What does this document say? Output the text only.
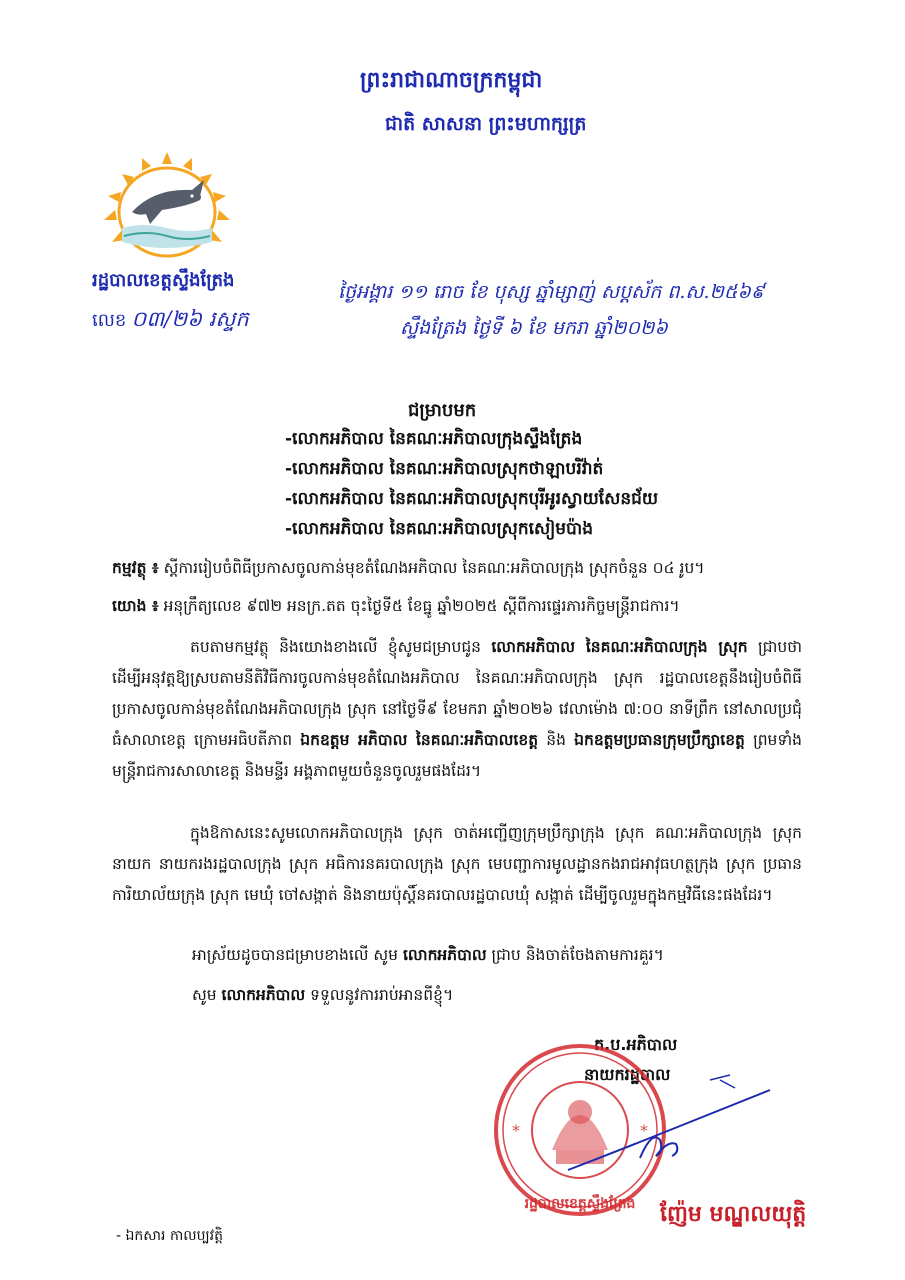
ព្រះរាជាណាចក្រកម្ពុជា
ជាតិ សាសនា ព្រះមហាក្សត្រ
រដ្ឋបាលខេត្តស្ទឹងត្រែង
លេខ ០៣/២៦ រស្ទក
ថ្ងៃអង្គារ ១១ រោច ខែ បុស្ស ឆ្នាំម្សាញ់ សប្តស័ក ព.ស.២៥៦៩
ស្ទឹងត្រែង ថ្ងៃទី ៦ ខែ មករា ឆ្នាំ២០២៦
ជម្រាបមក
-លោកអភិបាល នៃគណៈអភិបាលក្រុងស្ទឹងត្រែង
-លោកអភិបាល នៃគណៈអភិបាលស្រុកថាឡាបរិវ៉ាត់
-លោកអភិបាល នៃគណៈអភិបាលស្រុកបុរីអូរស្វាយសែនជ័យ
-លោកអភិបាល នៃគណៈអភិបាលស្រុកសៀមប៉ាង
កម្មវត្ថុ ៖ ស្តីការរៀបចំពិធីប្រកាសចូលកាន់មុខតំណែងអភិបាល នៃគណៈអភិបាលក្រុង ស្រុកចំនួន ០៤ រូប។
យោង ៖ អនុក្រឹត្យលេខ ៩៧២ អនក្រ.តត ចុះថ្ងៃទី៥ ខែធ្នូ ឆ្នាំ២០២៥ ស្តីពីការផ្ទេរភារកិច្ចមន្ត្រីរាជការ។
តបតាមកម្មវត្ថុ និងយោងខាងលើ ខ្ញុំសូមជម្រាបជូន លោកអភិបាល នៃគណៈអភិបាលក្រុង ស្រុក ជ្រាបថា ដើម្បីអនុវត្តឱ្យស្របតាមនីតិវិធីការចូលកាន់មុខតំណែងអភិបាល នៃគណៈអភិបាលក្រុង ស្រុក រដ្ឋបាលខេត្តនឹងរៀបចំពិធីប្រកាសចូលកាន់មុខតំណែងអភិបាលក្រុង ស្រុក នៅថ្ងៃទី៩ ខែមករា ឆ្នាំ២០២៦ វេលាម៉ោង ៧:០០ នាទីព្រឹក នៅសាលប្រជុំធំសាលាខេត្ត ក្រោមអធិបតីភាព ឯកឧត្តម អភិបាល នៃគណៈអភិបាលខេត្ត និង ឯកឧត្តមប្រធានក្រុមប្រឹក្សាខេត្ត ព្រមទាំងមន្ត្រីរាជការសាលាខេត្ត និងមន្ទីរ អង្គភាពមួយចំនួនចូលរួមផងដែរ។
ក្នុងឱកាសនេះសូមលោកអភិបាលក្រុង ស្រុក ចាត់អញ្ជើញក្រុមប្រឹក្សាក្រុង ស្រុក គណៈអភិបាលក្រុង ស្រុក នាយក នាយករងរដ្ឋបាលក្រុង ស្រុក អធិការនគរបាលក្រុង ស្រុក មេបញ្ជាការមូលដ្ឋានកងរាជអាវុធហត្ថក្រុង ស្រុក ប្រធានការិយាល័យក្រុង ស្រុក មេឃុំ ចៅសង្កាត់ និងនាយប៉ុស្តិ៍នគរបាលរដ្ឋបាលឃុំ សង្កាត់ ដើម្បីចូលរួមក្នុងកម្មវិធីនេះផងដែរ។
អាស្រ័យដូចបានជម្រាបខាងលើ សូម លោកអភិបាល ជ្រាប និងចាត់ចែងតាមការគួរ។
សូម លោកអភិបាល ទទួលនូវការរាប់អានពីខ្ញុំ។
ត.ប.អភិបាល
នាយករដ្ឋបាល
*	*
រដ្ឋបាលខេត្តស្ទឹងត្រែង ញ៉ែម មណ្ឌលយុត្តិ
- ឯកសារ កាលប្បវត្តិ
